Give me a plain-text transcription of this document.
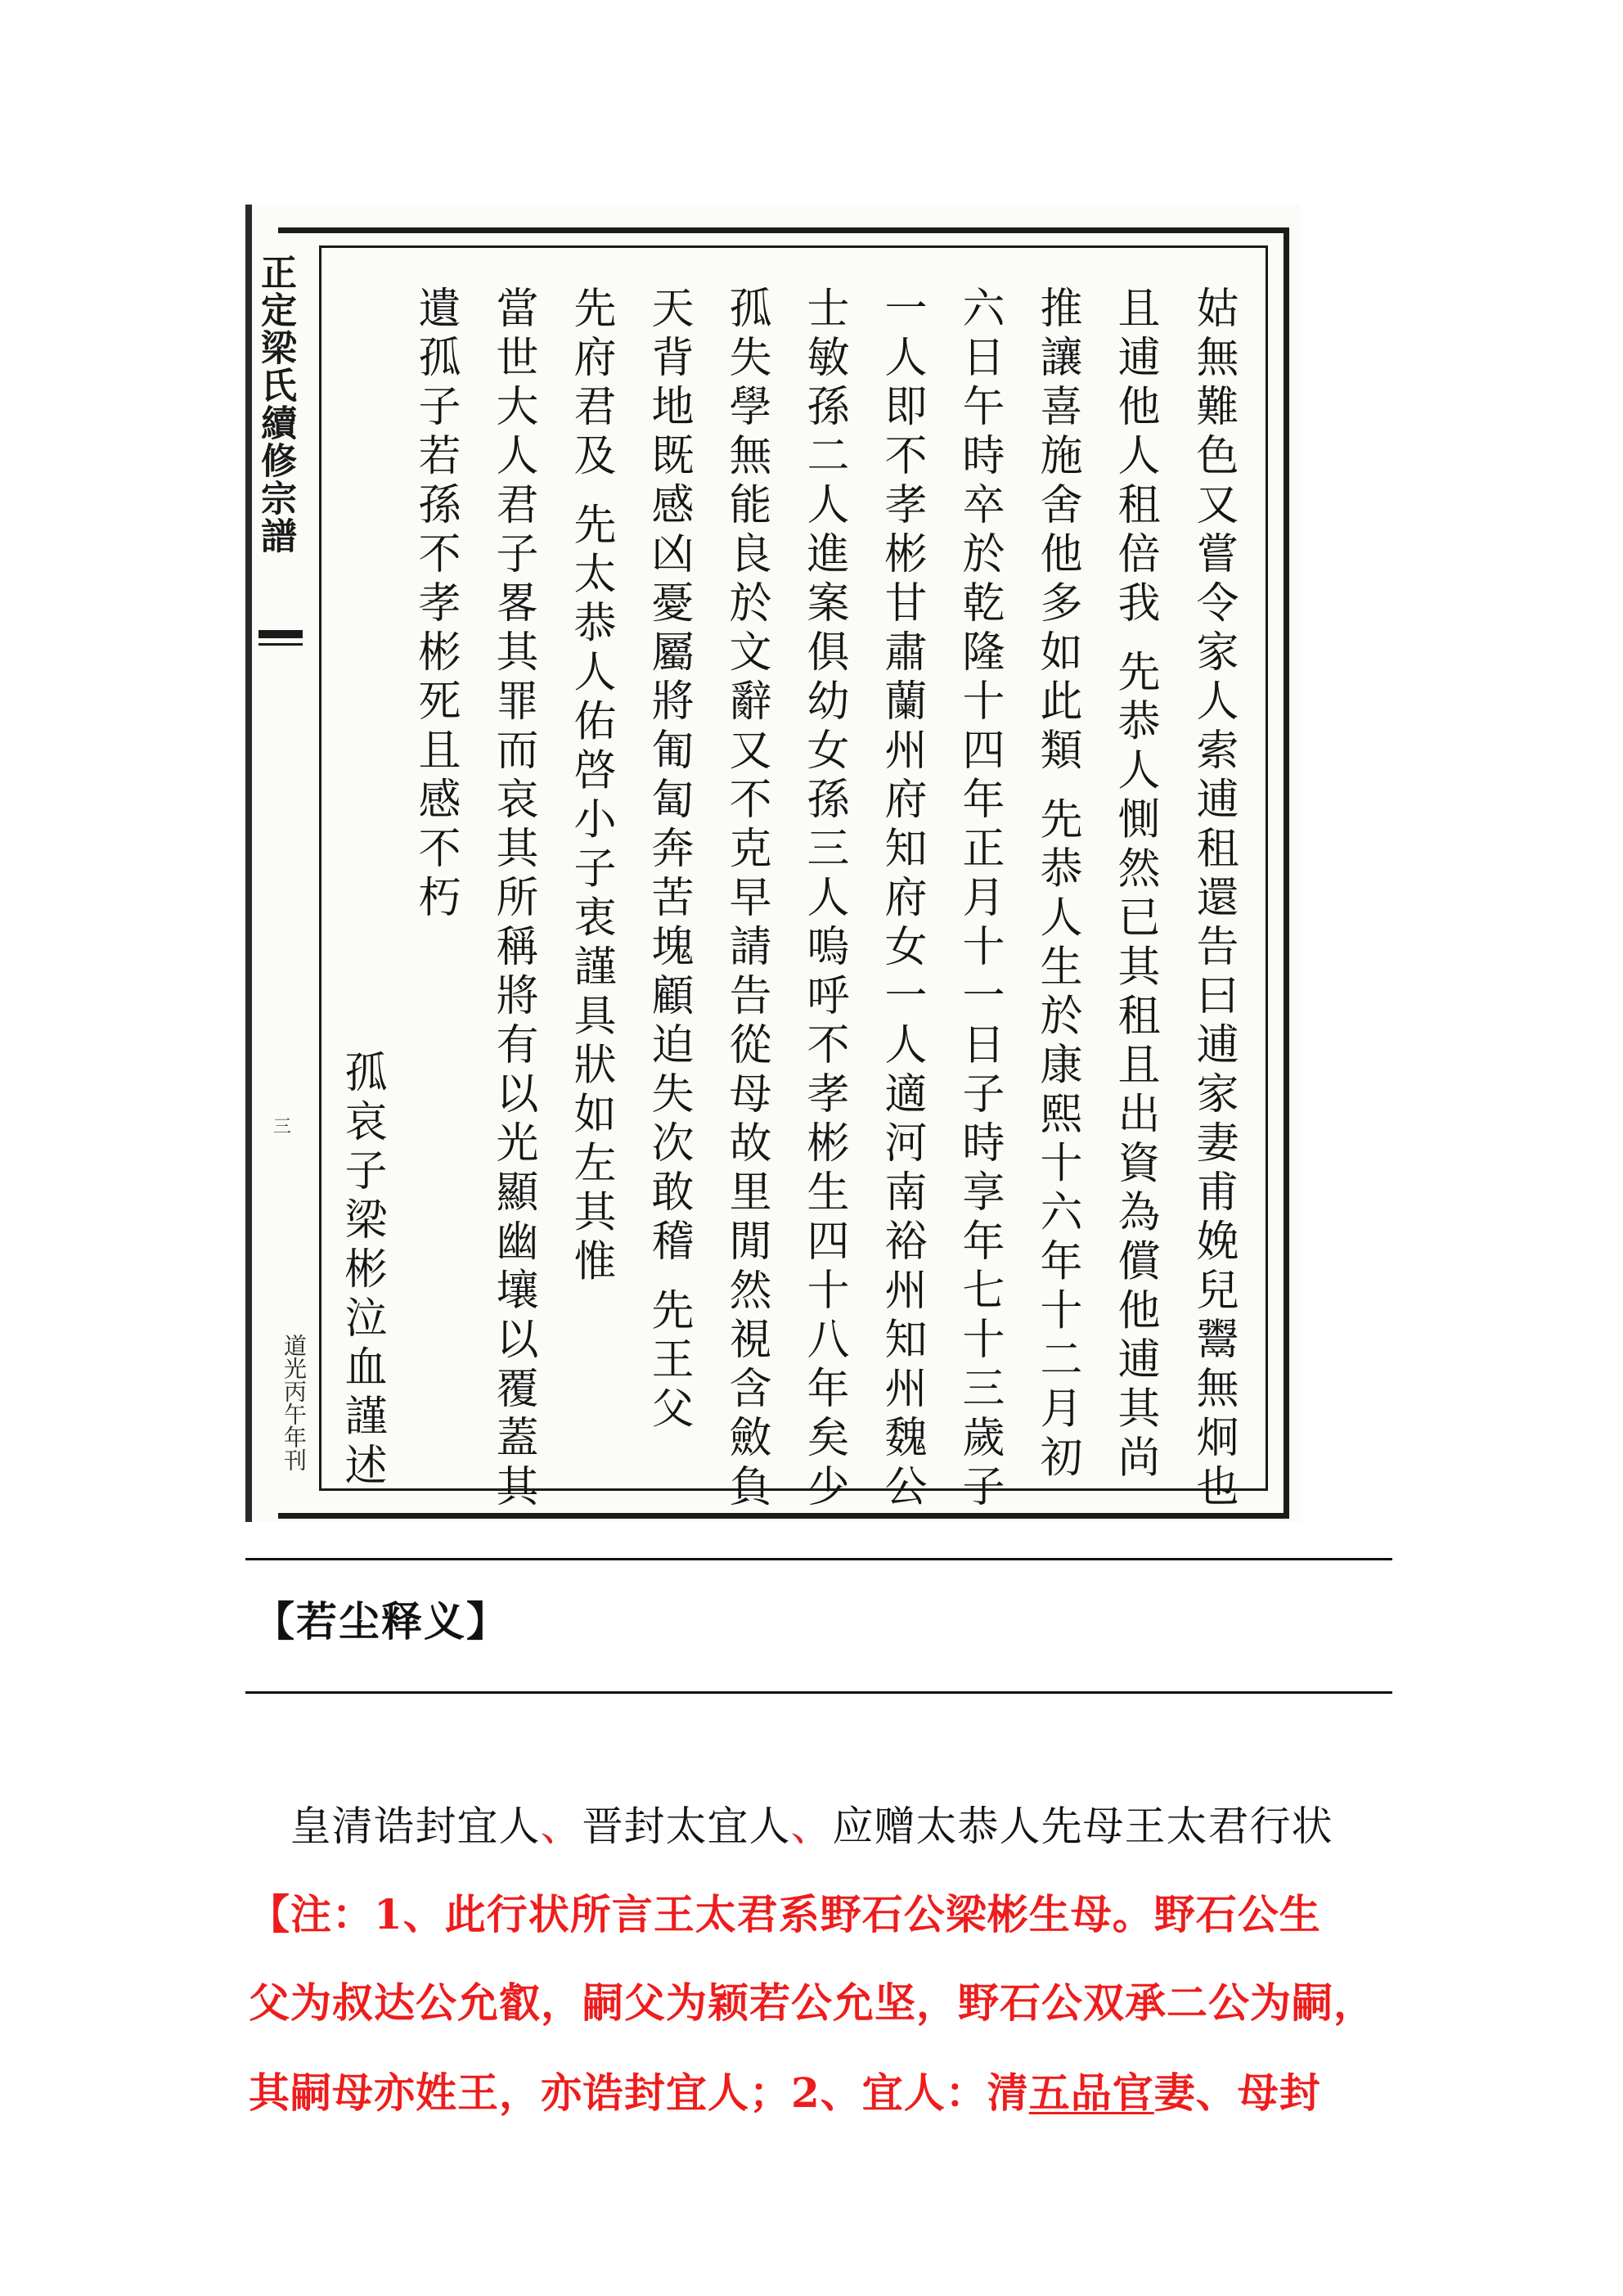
正定梁氏續修宗譜
三
道光丙午年刊	姑無難色又嘗令家人索逋租還告曰逋家妻甫娩兒鬻無炯也
且逋他人租倍我 先恭人惻然已其租且出資為償他逋其尚
推讓喜施舍他多如此類 先恭人生於康熙十六年十二月初
六日午時卒於乾隆十四年正月十一日子時享年七十三歲子
一人即不孝彬甘肅蘭州府知府女一人適河南裕州知州魏公
士敏孫二人進案俱幼女孫三人嗚呼不孝彬生四十八年矣少
孤失學無能良於文辭又不克早請告從母故里閒然視含斂負
天背地既感凶憂屬將匍匐奔苦塊顧迫失次敢稽 先王父
先府君及 先太恭人佑啓小子衷謹具狀如左其惟
當世大人君子畧其罪而哀其所稱將有以光顯幽壤以覆蓋其
遺孤子若孫不孝彬死且感不朽
孤哀子梁彬泣血謹述
【若尘释义】
皇清诰封宜人、晋封太宜人、应赠太恭人先母王太君行状
【注：1、此行状所言王太君系野石公梁彬生母。野石公生
父为叔达公允叡，嗣父为颖若公允坚，野石公双承二公为嗣，
其嗣母亦姓王，亦诰封宜人；2、宜人：清五品官妻、母封
